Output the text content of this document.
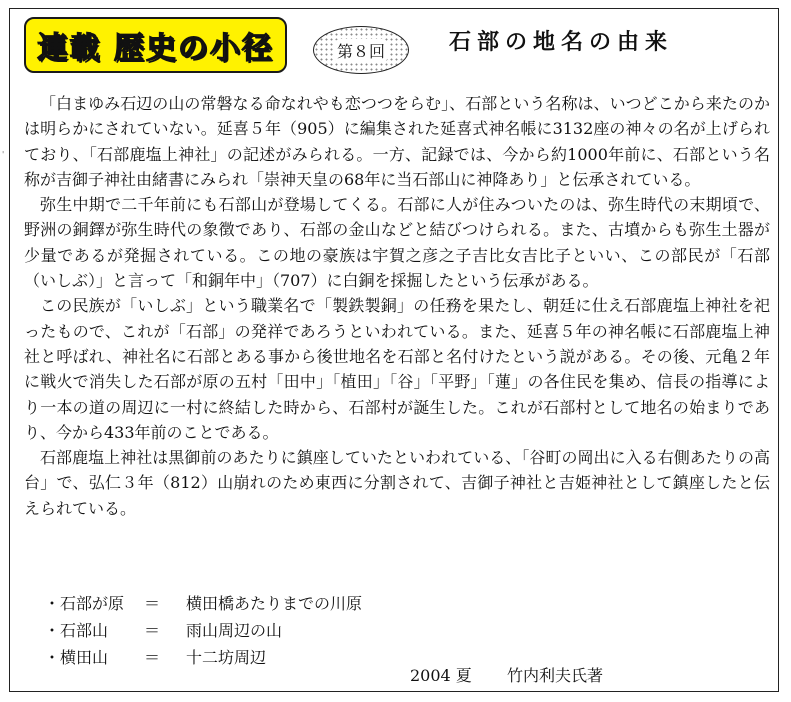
'
連載 歴史の小径	第８回	石部の地名の由来

「白まゆみ石辺の山の常磐なる命なれやも恋つつをらむ」、石部という名称は、いつどこから来たのかは明らかにされていない。延喜５年（905）に編集された延喜式神名帳に3132座の神々の名が上げられており、「石部鹿塩上神社」の記述がみられる。一方、記録では、今から約1000年前に、石部という名称が吉御子神社由緒書にみられ「崇神天皇の68年に当石部山に神降あり」と伝承されている。

弥生中期で二千年前にも石部山が登場してくる。石部に人が住みついたのは、弥生時代の末期頃で、野洲の銅鐸が弥生時代の象徴であり、石部の金山などと結びつけられる。また、古墳からも弥生土器が少量であるが発掘されている。この地の豪族は宇賀之彦之子吉比女吉比子といい、この部民が「石部（いしぶ）」と言って「和銅年中」（707）に白銅を採掘したという伝承がある。

この民族が「いしぶ」という職業名で「製鉄製銅」の任務を果たし、朝廷に仕え石部鹿塩上神社を祀ったもので、これが「石部」の発祥であろうといわれている。また、延喜５年の神名帳に石部鹿塩上神社と呼ばれ、神社名に石部とある事から後世地名を石部と名付けたという説がある。その後、元亀２年に戦火で消失した石部が原の五村「田中」「植田」「谷」「平野」「蓮」の各住民を集め、信長の指導により一本の道の周辺に一村に終結した時から、石部村が誕生した。これが石部村として地名の始まりであり、今から433年前のことである。

石部鹿塩上神社は黒御前のあたりに鎮座していたといわれている、「谷町の岡出に入る右側あたりの高台」で、弘仁３年（812）山崩れのため東西に分割されて、吉御子神社と吉姫神社として鎮座したと伝えられている。

・石部が原	＝	横田橋あたりまでの川原
・石部山	＝	雨山周辺の山
・横田山	＝	十二坊周辺
2004 夏 竹内利夫氏著
